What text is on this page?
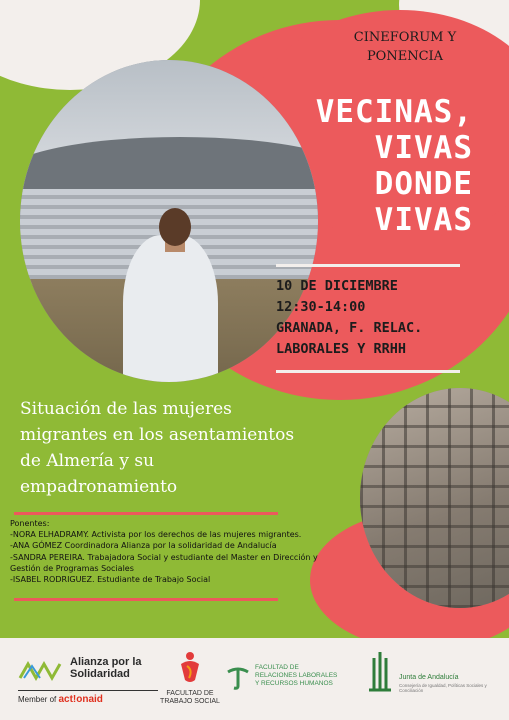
CINEFORUM Y
PONENCIA
VECINAS,
VIVAS
DONDE
VIVAS
10 DE DICIEMBRE
12:30-14:00
GRANADA, F. RELAC.
LABORALES Y RRHH
Situación de las mujeres
migrantes en los asentamientos
de Almería y su
empadronamiento
Ponentes:
-NORA ELHADRAMY. Activista por los derechos de las mujeres migrantes.
-ANA GÓMEZ Coordinadora Alianza por la solidaridad de Andalucía
-SANDRA PEREIRA. Trabajadora Social y estudiante del Master en Dirección y Gestión de Programas Sociales
-ISABEL RODRIGUEZ. Estudiante de Trabajo Social
Alianza por la
Solidaridad
Member of act!onaid
FACULTAD DE
TRABAJO SOCIAL
FACULTAD DE
RELACIONES LABORALES
Y RECURSOS HUMANOS
Junta de Andalucía
Consejería de Igualdad, Políticas Sociales y Conciliación
